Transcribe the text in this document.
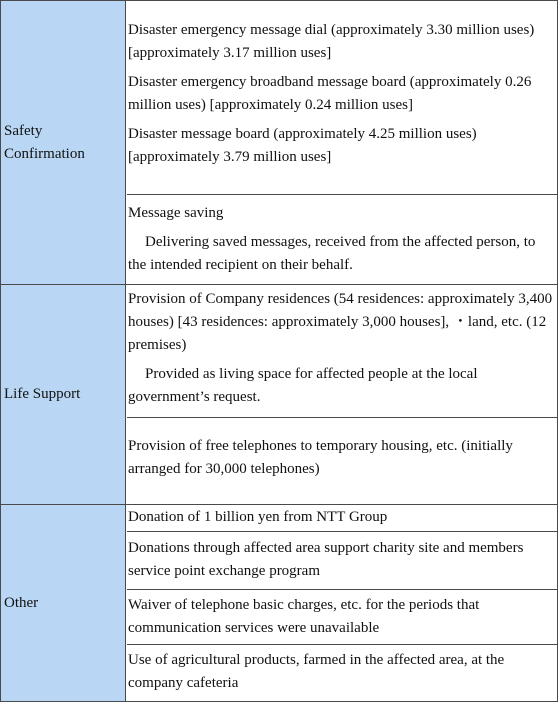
Safety Confirmation

Disaster emergency message dial (approximately 3.30 million uses) [approximately 3.17 million uses]

Disaster emergency broadband message board (approximately 0.26 million uses) [approximately 0.24 million uses]

Disaster message board (approximately 4.25 million uses) [approximately 3.79 million uses]

Message saving

Delivering saved messages, received from the affected person, to the intended recipient on their behalf.

Life Support

Provision of Company residences (54 residences: approximately 3,400 houses) [43 residences: approximately 3,000 houses], ・land, etc. (12 premises)

Provided as living space for affected people at the local government’s request.

Provision of free telephones to temporary housing, etc. (initially arranged for 30,000 telephones)

Other

Donation of 1 billion yen from NTT Group

Donations through affected area support charity site and members service point exchange program

Waiver of telephone basic charges, etc. for the periods that communication services were unavailable

Use of agricultural products, farmed in the affected area, at the company cafeteria
